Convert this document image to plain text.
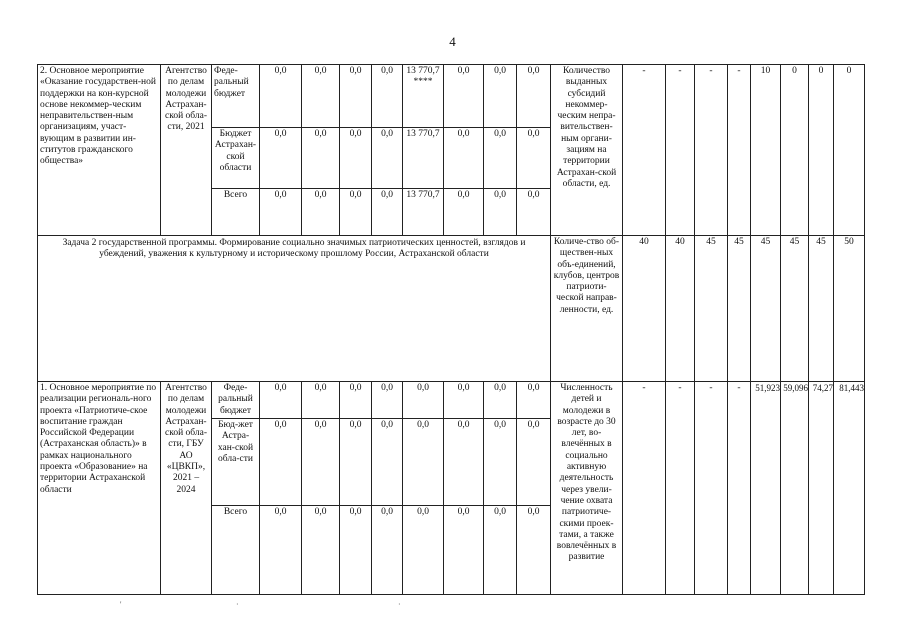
4
2. Основное мероприятие «Оказание государствен-ной поддержки на кон-курсной основе некоммер-ческим неправительствен-ным организациям, участ-вующим в развитии ин-ститутов гражданского общества»	Агентство по делам молодежи Астрахан-ской обла-сти, 2021	Феде-ральный бюджет	0,0	0,0	0,0	0,0	13 770,7 ****	0,0	0,0	0,0	Количество выданных субсидий некоммер-ческим непра-вительствен-ным органи-зациям на территории Астрахан-ской области, ед.	-	-	-	-	10	0	0	0
		Бюджет Астрахан-ской области	0,0	0,0	0,0	0,0	13 770,7	0,0	0,0	0,0									
		Всего	0,0	0,0	0,0	0,0	13 770,7	0,0	0,0	0,0									
Задача 2 государственной программы. Формирование социально значимых патриотических ценностей, взглядов и убеждений, уважения к культурному и историческому прошлому России, Астраханской области											Количе-ство об-ществен-ных объ-единений, клубов, центров патриоти-ческой направ-ленности, ед.	40	40	45	45	45	45	45	50
1. Основное мероприятие по реализации региональ-ного проекта «Патриотиче-ское воспитание граждан Российской Федерации (Астраханская область)» в рамках национального проекта «Образование» на территории Астраханской области	Агентство по делам молодежи Астрахан-ской обла-сти, ГБУ АО «ЦВКП», 2021 – 2024	Феде-ральный бюджет	0,0	0,0	0,0	0,0	0,0	0,0	0,0	0,0	Численность детей и молодежи в возрасте до 30 лет, во-влечённых в социально активную деятельность через увели-чение охвата патриотиче-скими проек-тами, а также вовлечённых в развитие	-	-	-	-	51,923	59,096	74,27	81,443
		Бюд-жет Астра-хан-ской обла-сти	0,0	0,0	0,0	0,0	0,0	0,0	0,0	0,0									
		Всего	0,0	0,0	0,0	0,0	0,0	0,0	0,0	0,0									
'	·	·
